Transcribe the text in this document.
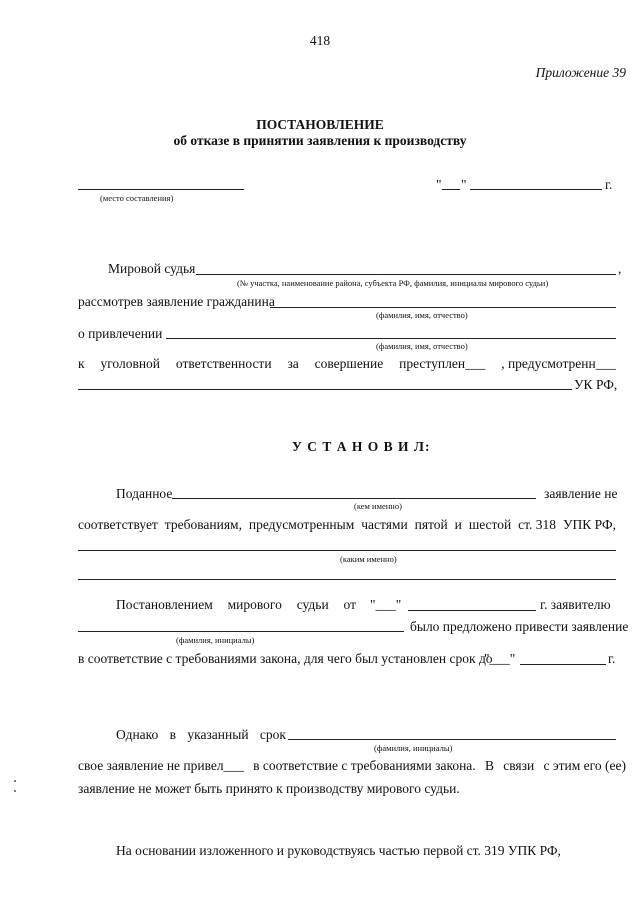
418
Приложение 39
ПОСТАНОВЛЕНИЕ
об отказе в принятии заявления к производству
(место составления)
" "	г.
Мировой судья	,
(№ участка, наименование района, субъекта РФ, фамилия, инициалы мирового судьи)
рассмотрев заявление гражданина
(фамилия, имя, отчество)
о привлечении
(фамилия, имя, отчество)
к уголовной ответственности за совершение преступлен___ , предусмотренн___
УК РФ,
У С Т А Н О В И Л:
Поданное	заявление не
(кем именно)
соответствует требованиям, предусмотренным частями пятой и шестой ст. 318 УПК РФ,
(каким именно)
Постановлением мирового судьи от "___"	г. заявителю
было предложено привести заявление
(фамилия, инициалы)
в соответствие с требованиями закона, для чего был установлен срок до
"___"	г.
Однако в указанный срок
(фамилия, инициалы)
свое заявление не привел___ в соответствие с требованиями закона. В связи с этим его (ее)
заявление не может быть принято к производству мирового судьи.
На основании изложенного и руководствуясь частью первой ст. 319 УПК РФ,
